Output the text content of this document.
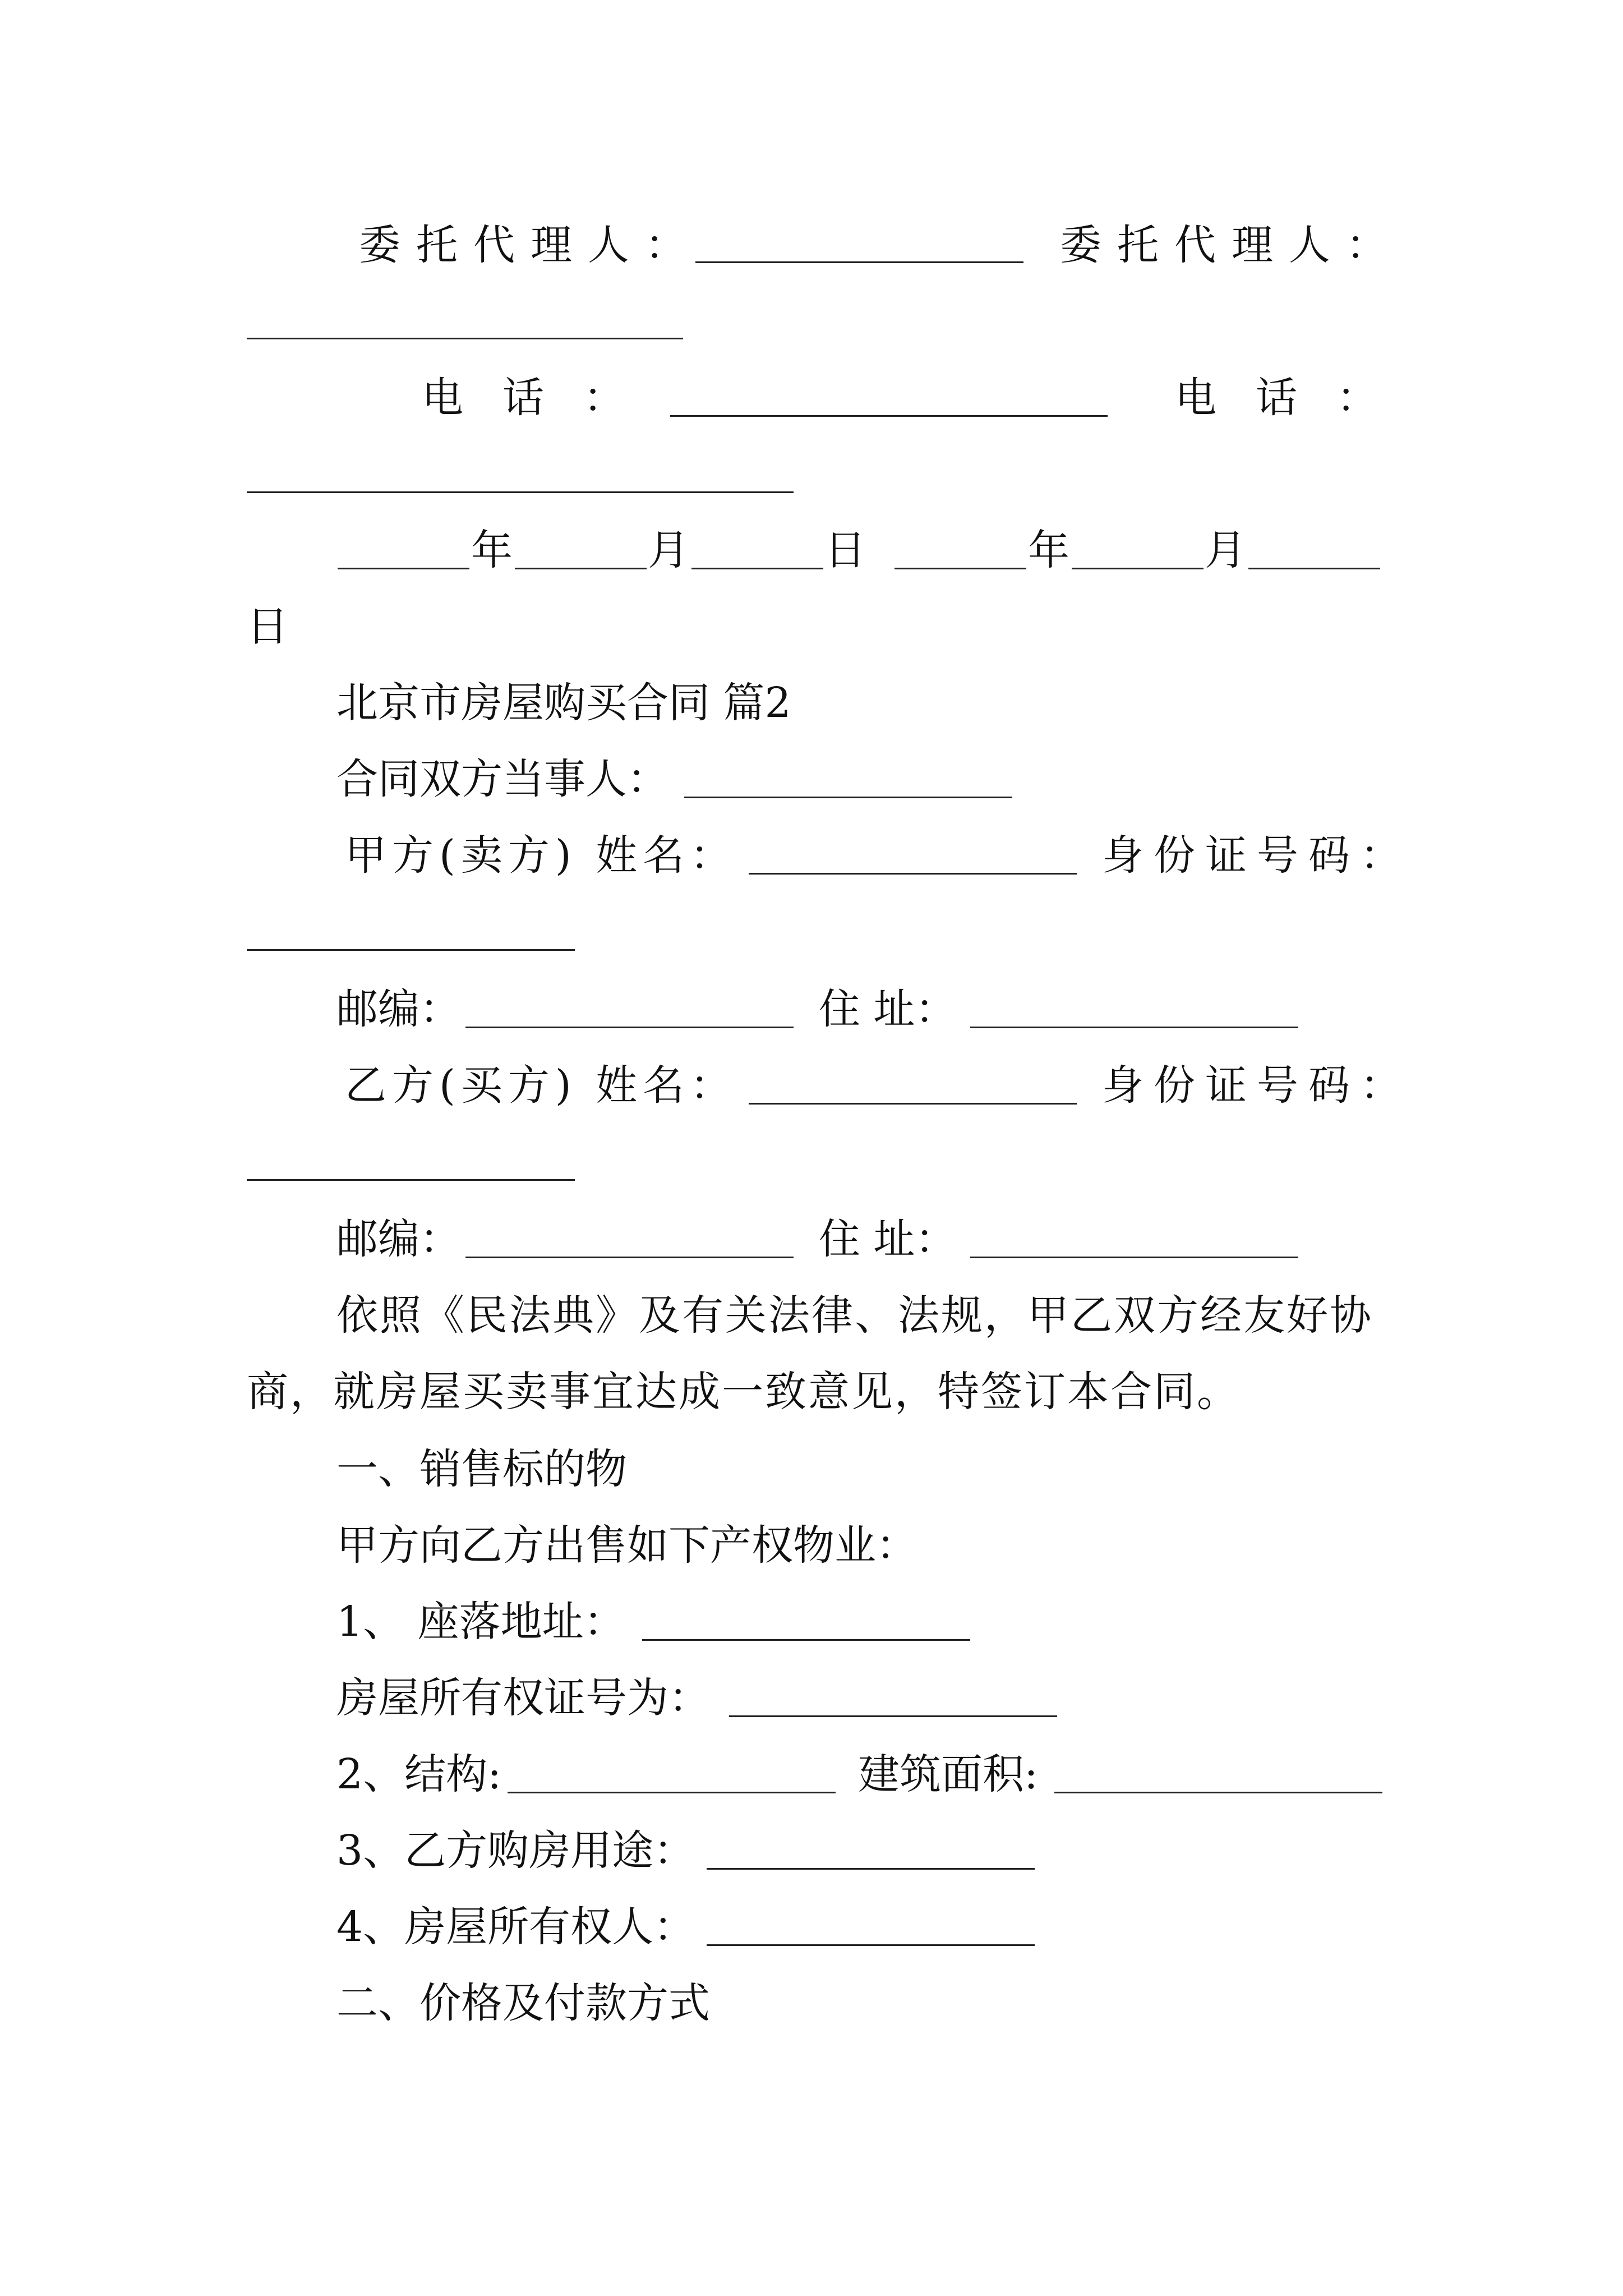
委托代理人：	委托代理人：
电话：	电话：
年	月	日	年	月
日
北京市房屋购买合同 篇2
合同双方当事人：
甲方(卖方) 姓名：	身份证号码：
邮编：	住 址：
乙方(买方) 姓名：	身份证号码：
邮编：	住 址：
依照《民法典》及有关法律、法规，甲乙双方经友好协
商，就房屋买卖事宜达成一致意见，特签订本合同。
一、销售标的物
甲方向乙方出售如下产权物业：
1、 座落地址：
房屋所有权证号为：
2、结构:	建筑面积:
3、乙方购房用途：
4、房屋所有权人：
二、价格及付款方式
